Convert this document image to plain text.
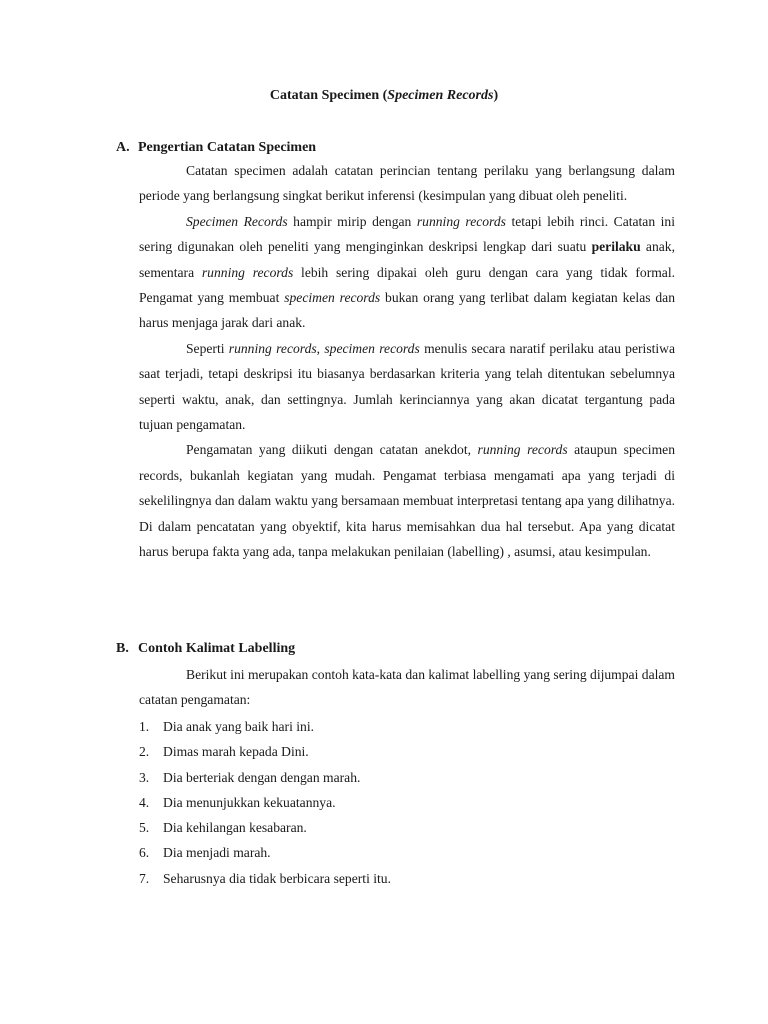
Catatan Specimen (Specimen Records)
A. Pengertian Catatan Specimen

Catatan specimen adalah catatan perincian tentang perilaku yang berlangsung dalam periode yang berlangsung singkat berikut inferensi (kesimpulan yang dibuat oleh peneliti.

Specimen Records hampir mirip dengan running records tetapi lebih rinci. Catatan ini sering digunakan oleh peneliti yang menginginkan deskripsi lengkap dari suatu perilaku anak, sementara running records lebih sering dipakai oleh guru dengan cara yang tidak formal. Pengamat yang membuat specimen records bukan orang yang terlibat dalam kegiatan kelas dan harus menjaga jarak dari anak.

Seperti running records, specimen records menulis secara naratif perilaku atau peristiwa saat terjadi, tetapi deskripsi itu biasanya berdasarkan kriteria yang telah ditentukan sebelumnya seperti waktu, anak, dan settingnya. Jumlah kerinciannya yang akan dicatat tergantung pada tujuan pengamatan.

Pengamatan yang diikuti dengan catatan anekdot, running records ataupun specimen records, bukanlah kegiatan yang mudah. Pengamat terbiasa mengamati apa yang terjadi di sekelilingnya dan dalam waktu yang bersamaan membuat interpretasi tentang apa yang dilihatnya. Di dalam pencatatan yang obyektif, kita harus memisahkan dua hal tersebut. Apa yang dicatat harus berupa fakta yang ada, tanpa melakukan penilaian (labelling) , asumsi, atau kesimpulan.

B. Contoh Kalimat Labelling

Berikut ini merupakan contoh kata-kata dan kalimat labelling yang sering dijumpai dalam catatan pengamatan:

1. Dia anak yang baik hari ini.
2. Dimas marah kepada Dini.
3. Dia berteriak dengan dengan marah.
4. Dia menunjukkan kekuatannya.
5. Dia kehilangan kesabaran.
6. Dia menjadi marah.
7. Seharusnya dia tidak berbicara seperti itu.
